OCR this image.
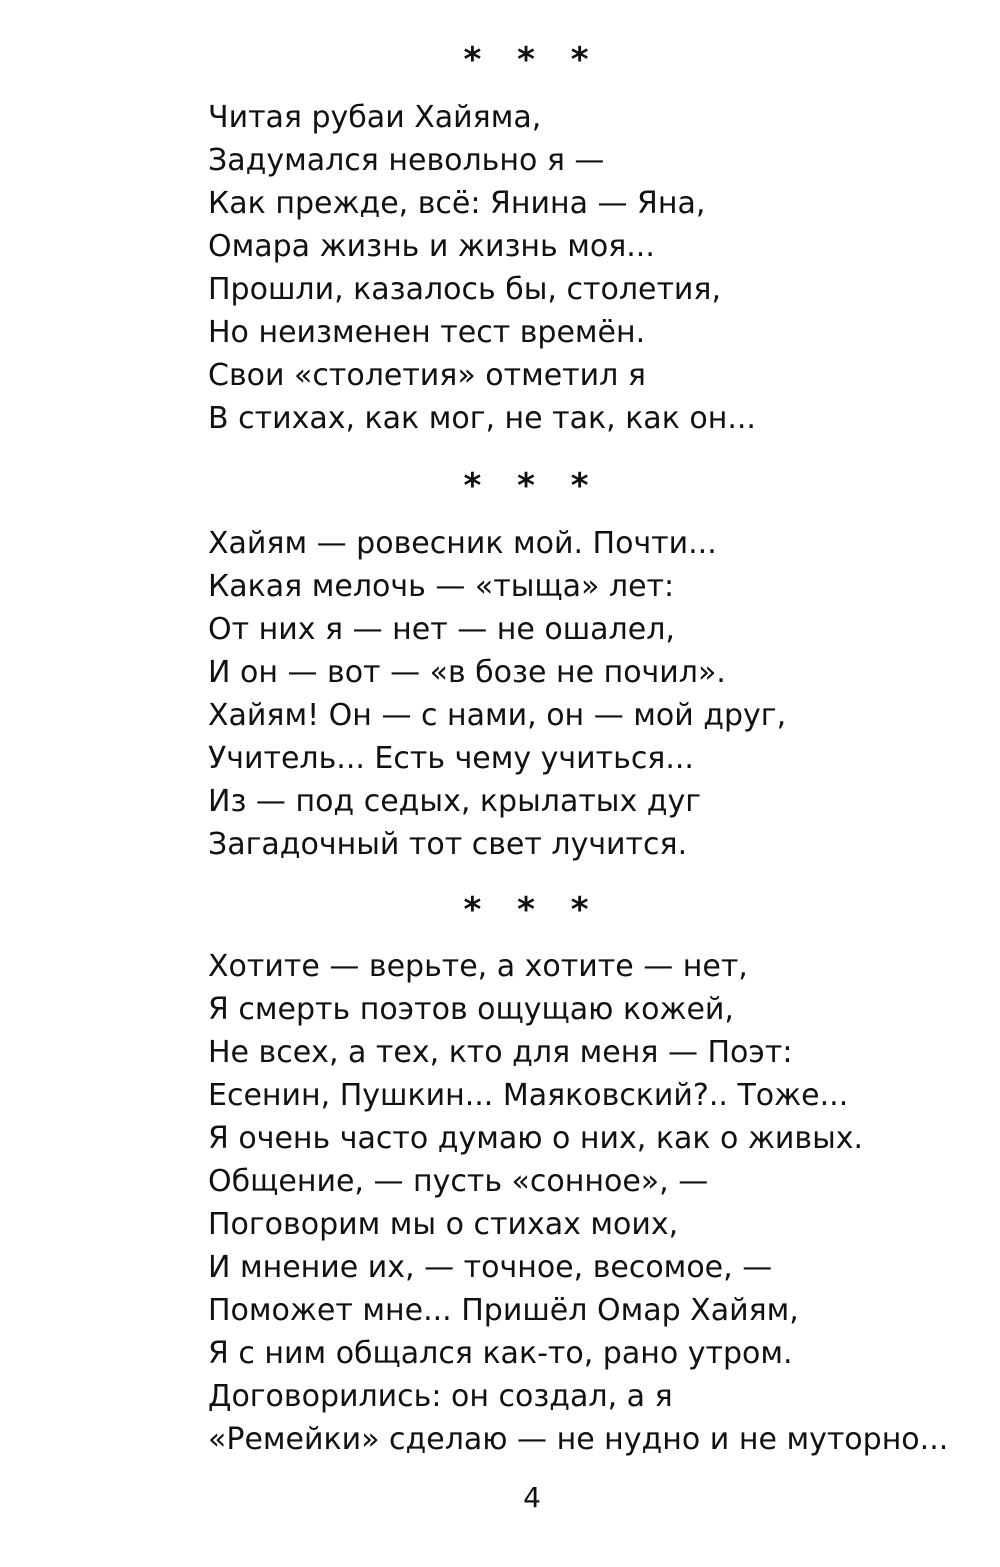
* * *
Читая рубаи Хайяма,
Задумался невольно я —
Как прежде, всё: Янина — Яна,
Омара жизнь и жизнь моя...
Прошли, казалось бы, столетия,
Но неизменен тест времён.
Свои «столетия» отметил я
В стихах, как мог, не так, как он...
* * *
Хайям — ровесник мой. Почти...
Какая мелочь — «тыща» лет:
От них я — нет — не ошалел,
И он — вот — «в бозе не почил».
Хайям! Он — с нами, он — мой друг,
Учитель... Есть чему учиться...
Из — под седых, крылатых дуг
Загадочный тот свет лучится.
* * *
Хотите — верьте, а хотите — нет,
Я смерть поэтов ощущаю кожей,
Не всех, а тех, кто для меня — Поэт:
Есенин, Пушкин... Маяковский?.. Тоже...
Я очень часто думаю о них, как о живых.
Общение, — пусть «сонное», —
Поговорим мы о стихах моих,
И мнение их, — точное, весомое, —
Поможет мне... Пришёл Омар Хайям,
Я с ним общался как-то, рано утром.
Договорились: он создал, а я
«Ремейки» сделаю — не нудно и не муторно...
4
